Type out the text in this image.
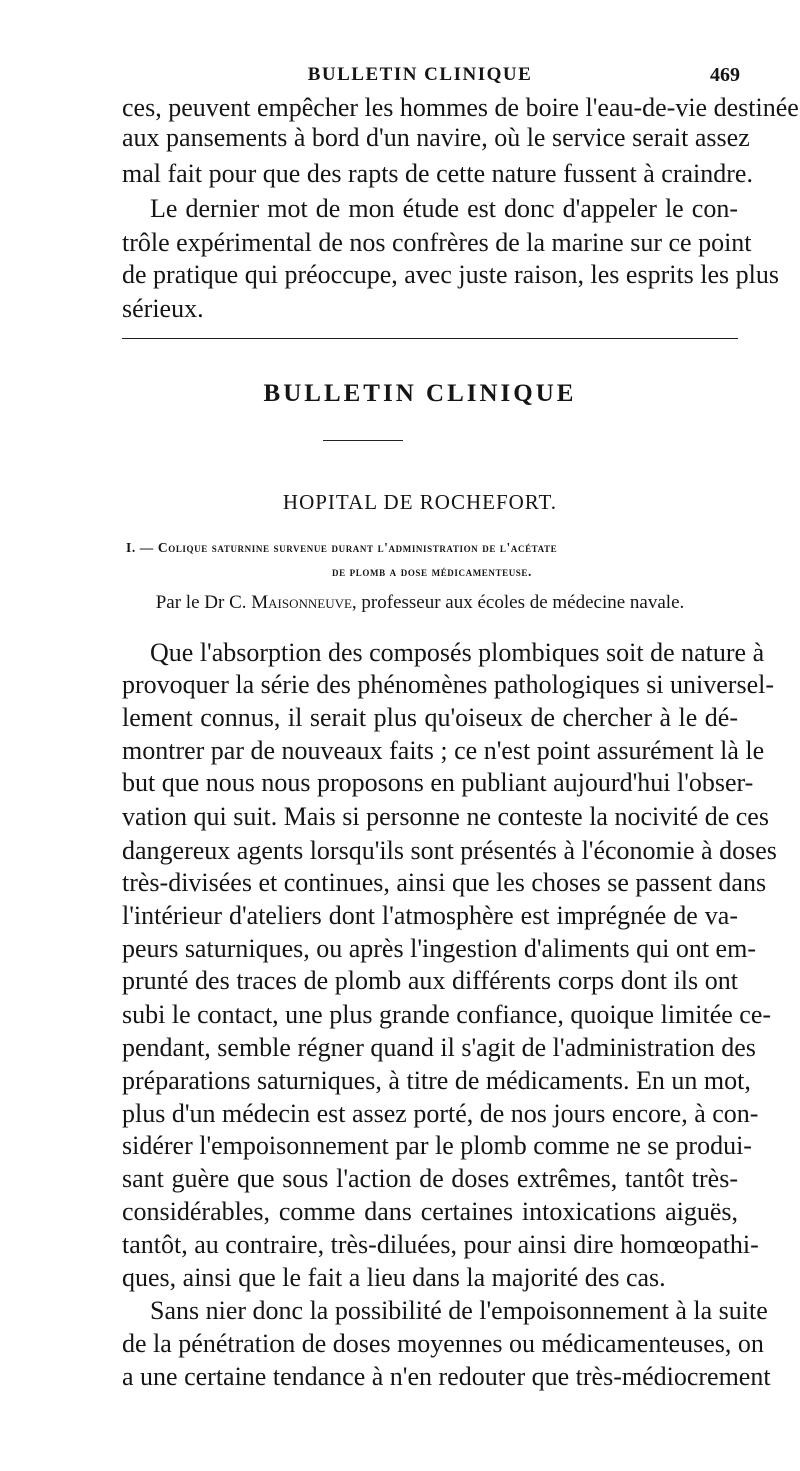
BULLETIN CLINIQUE	469
ces, peuvent empêcher les hommes de boire l'eau-de-vie destinée
aux pansements à bord d'un navire, où le service serait assez
mal fait pour que des rapts de cette nature fussent à craindre.
Le dernier mot de mon étude est donc d'appeler le con-
trôle expérimental de nos confrères de la marine sur ce point
de pratique qui préoccupe, avec juste raison, les esprits les plus
sérieux.
BULLETIN CLINIQUE
HOPITAL DE ROCHEFORT.
I. — Colique saturnine survenue durant l'administration de l'acétate
de plomb a dose médicamenteuse.
Par le Dr C. Maisonneuve, professeur aux écoles de médecine navale.
Que l'absorption des composés plombiques soit de nature à
provoquer la série des phénomènes pathologiques si universel-
lement connus, il serait plus qu'oiseux de chercher à le dé-
montrer par de nouveaux faits ; ce n'est point assurément là le
but que nous nous proposons en publiant aujourd'hui l'obser-
vation qui suit. Mais si personne ne conteste la nocivité de ces
dangereux agents lorsqu'ils sont présentés à l'économie à doses
très-divisées et continues, ainsi que les choses se passent dans
l'intérieur d'ateliers dont l'atmosphère est imprégnée de va-
peurs saturniques, ou après l'ingestion d'aliments qui ont em-
prunté des traces de plomb aux différents corps dont ils ont
subi le contact, une plus grande confiance, quoique limitée ce-
pendant, semble régner quand il s'agit de l'administration des
préparations saturniques, à titre de médicaments. En un mot,
plus d'un médecin est assez porté, de nos jours encore, à con-
sidérer l'empoisonnement par le plomb comme ne se produi-
sant guère que sous l'action de doses extrêmes, tantôt très-
considérables, comme dans certaines intoxications aiguës,
tantôt, au contraire, très-diluées, pour ainsi dire homœopathi-
ques, ainsi que le fait a lieu dans la majorité des cas.
Sans nier donc la possibilité de l'empoisonnement à la suite
de la pénétration de doses moyennes ou médicamenteuses, on
a une certaine tendance à n'en redouter que très-médiocrement
